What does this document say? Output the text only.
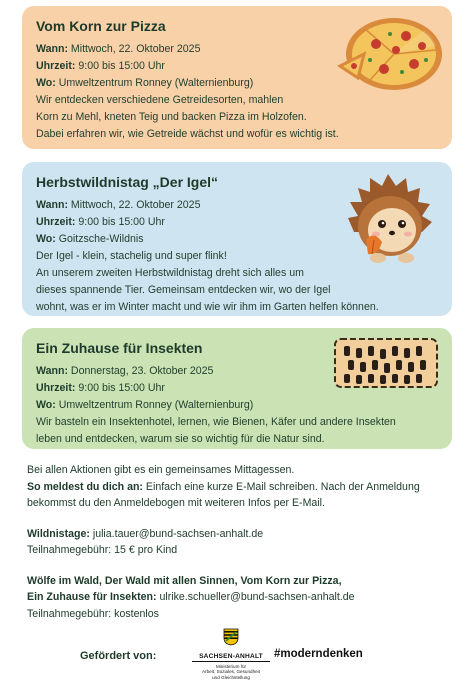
Vom Korn zur Pizza
Wann: Mittwoch, 22. Oktober 2025
Uhrzeit: 9:00 bis 15:00 Uhr
Wo: Umweltzentrum Ronney (Walternienburg)

Wir entdecken verschiedene Getreidesorten, mahlen
Korn zu Mehl, kneten Teig und backen Pizza im Holzofen.
Dabei erfahren wir, wie Getreide wächst und wofür es wichtig ist.

Herbstwildnistag „Der Igel“
Wann: Mittwoch, 22. Oktober 2025
Uhrzeit: 9:00 bis 15:00 Uhr
Wo: Goitzsche-Wildnis

Der Igel - klein, stachelig und super flink!
An unserem zweiten Herbstwildnistag dreht sich alles um
dieses spannende Tier. Gemeinsam entdecken wir, wo der Igel
wohnt, was er im Winter macht und wie wir ihm im Garten helfen können.

Ein Zuhause für Insekten
Wann: Donnerstag, 23. Oktober 2025
Uhrzeit: 9:00 bis 15:00 Uhr
Wo: Umweltzentrum Ronney (Walternienburg)

Wir basteln ein Insektenhotel, lernen, wie Bienen, Käfer und andere Insekten
leben und entdecken, warum sie so wichtig für die Natur sind.

Bei allen Aktionen gibt es ein gemeinsames Mittagessen.
So meldest du dich an: Einfach eine kurze E-Mail schreiben. Nach der Anmeldung
bekommst du den Anmeldebogen mit weiteren Infos per E-Mail.
Wildnistage: julia.tauer@bund-sachsen-anhalt.de
Teilnahmegebühr: 15 € pro Kind
Wölfe im Wald, Der Wald mit allen Sinnen, Vom Korn zur Pizza,
Ein Zuhause für Insekten: ulrike.schueller@bund-sachsen-anhalt.de
Teilnahmegebühr: kostenlos
Gefördert von:	SACHSEN-ANHALT
Ministerium für
Arbeit, Soziales, Gesundheit
und Gleichstellung
#moderndenken
